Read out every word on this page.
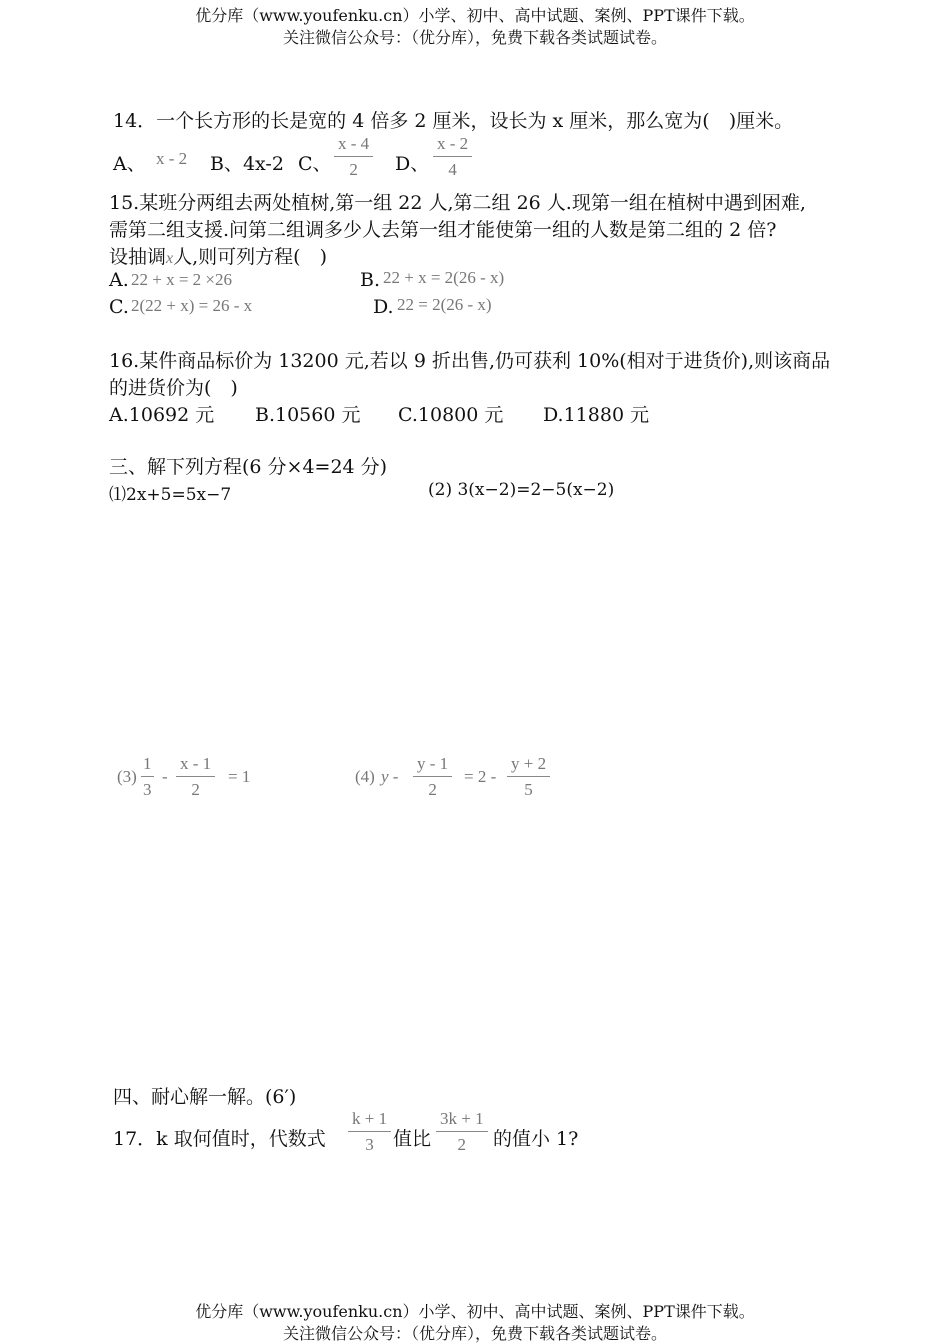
优分库（www.youfenku.cn）小学、初中、高中试题、案例、PPT课件下载。
关注微信公众号：（优分库），免费下载各类试题试卷。
14．一个长方形的长是宽的 4 倍多 2 厘米，设长为 x 厘米，那么宽为(　)厘米。
A、 x - 2 B、4x-2 C、 $\frac{x - 4}{2}$ D、 $\frac{x - 2}{4}$
15.某班分两组去两处植树,第一组 22 人,第二组 26 人.现第一组在植树中遇到困难,
需第二组支援.问第二组调多少人去第一组才能使第一组的人数是第二组的 2 倍?
设抽调x人,则可列方程(　)
A. 22 + x = 2 ×26	B. 22 + x = 2(26 - x)
C. 2(22 + x) = 26 - x	D. 22 = 2(26 - x)
16.某件商品标价为 13200 元,若以 9 折出售,仍可获利 10%(相对于进货价),则该商品
的进货价为(　)
A.10692 元 B.10560 元 C.10800 元 D.11880 元
三、解下列方程(6 分×4=24 分)
⑴2x+5=5x−7	(2) 3(x−2)=2−5(x−2)
$(3) \frac{1}{3} - \frac{x - 1}{2} = 1$	(4) $y - \frac{y - 1}{2} = 2 - \frac{y + 2}{5}$
四、耐心解一解。(6′)
17．k 取何值时，代数式 $\frac{k + 1}{3}$ 值比 $\frac{3k + 1}{2}$ 的值小 1?
优分库（www.youfenku.cn）小学、初中、高中试题、案例、PPT课件下载。
关注微信公众号：（优分库），免费下载各类试题试卷。
